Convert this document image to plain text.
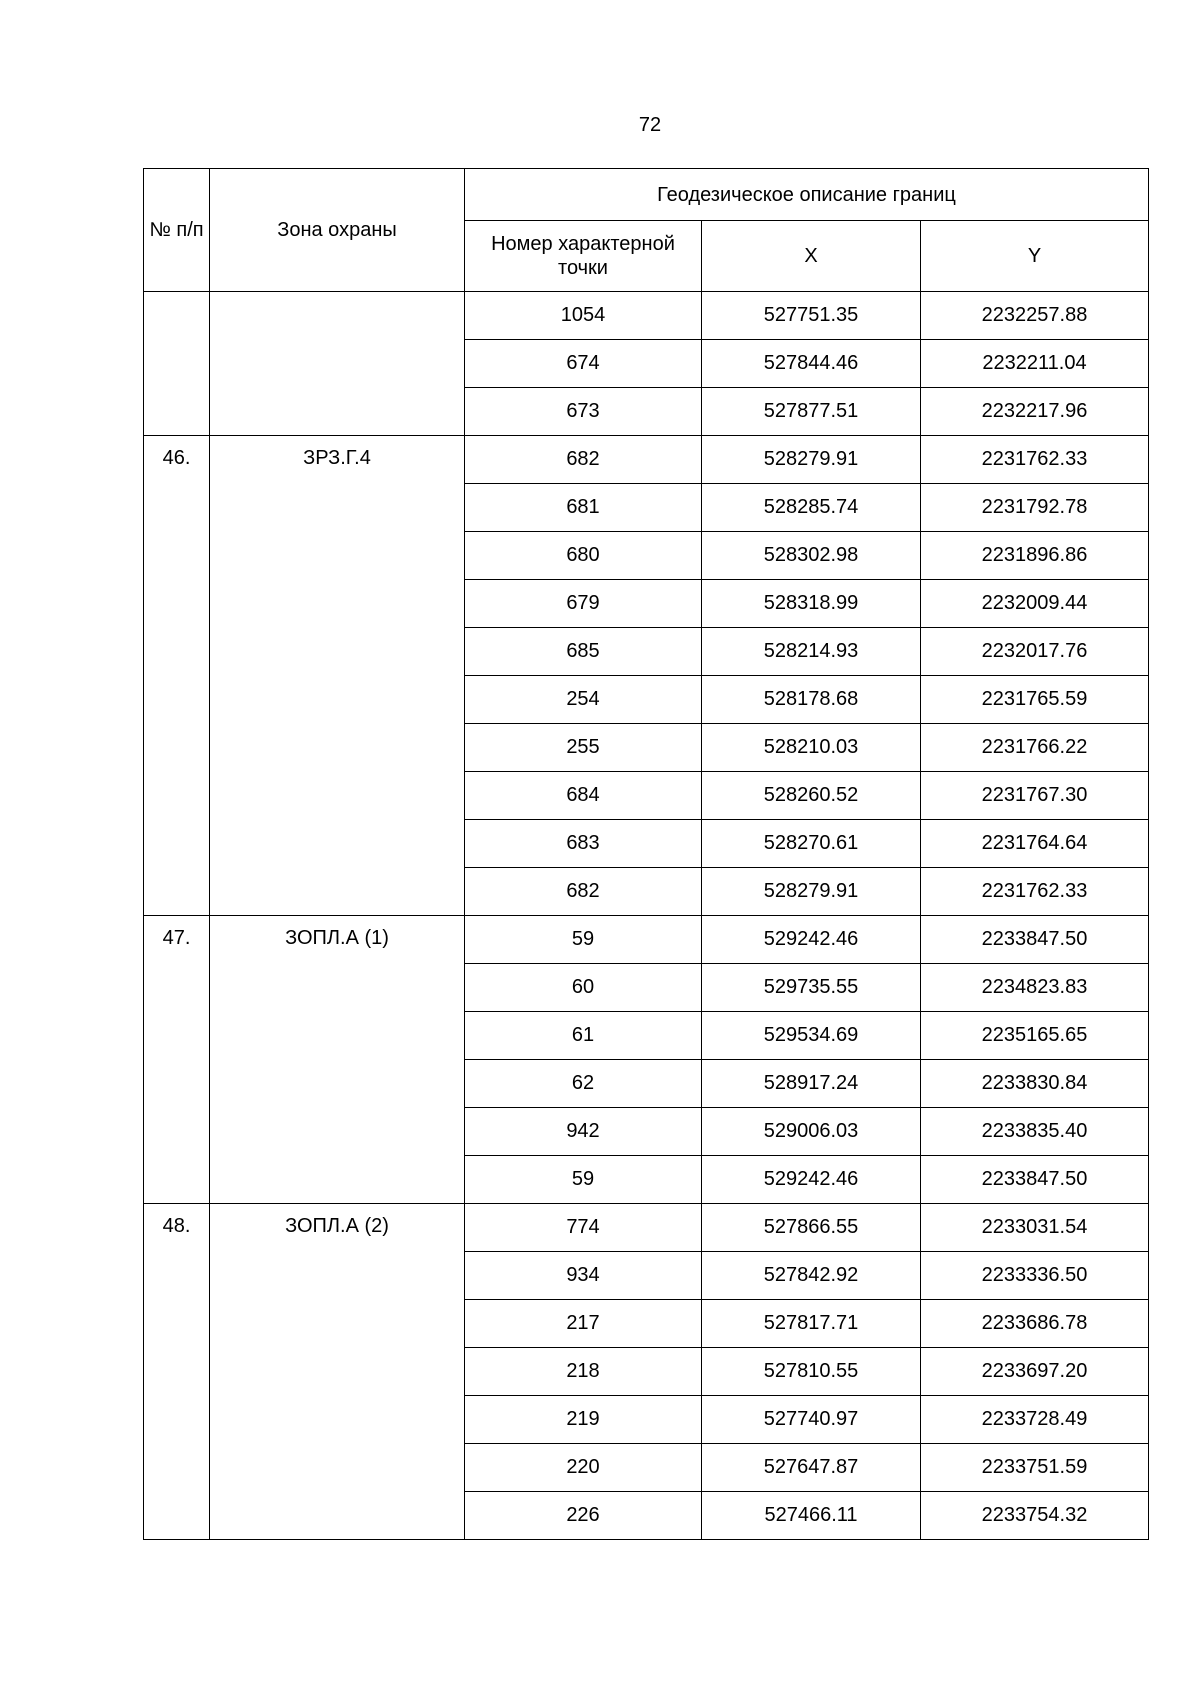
72
№ п/п	Зона охраны	Геодезическое описание границ		
		Номер характерной точки	X	Y
		1054	527751.35	2232257.88
		674	527844.46	2232211.04
		673	527877.51	2232217.96
46.	ЗРЗ.Г.4	682	528279.91	2231762.33
		681	528285.74	2231792.78
		680	528302.98	2231896.86
		679	528318.99	2232009.44
		685	528214.93	2232017.76
		254	528178.68	2231765.59
		255	528210.03	2231766.22
		684	528260.52	2231767.30
		683	528270.61	2231764.64
		682	528279.91	2231762.33
47.	ЗОПЛ.А (1)	59	529242.46	2233847.50
		60	529735.55	2234823.83
		61	529534.69	2235165.65
		62	528917.24	2233830.84
		942	529006.03	2233835.40
		59	529242.46	2233847.50
48.	ЗОПЛ.А (2)	774	527866.55	2233031.54
		934	527842.92	2233336.50
		217	527817.71	2233686.78
		218	527810.55	2233697.20
		219	527740.97	2233728.49
		220	527647.87	2233751.59
		226	527466.11	2233754.32
